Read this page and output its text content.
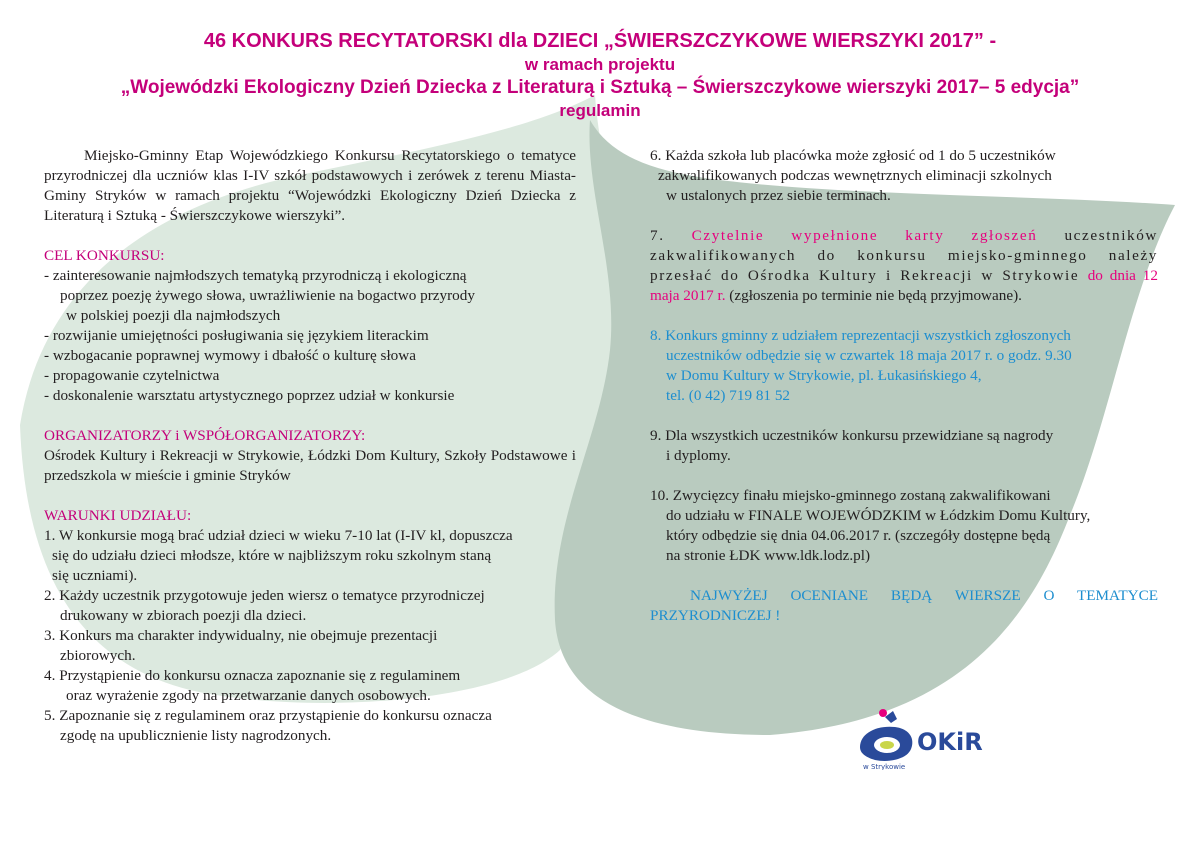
46 KONKURS RECYTATORSKI dla DZIECI „ŚWIERSZCZYKOWE WIERSZYKI 2017” -
w ramach projektu
„Wojewódzki Ekologiczny Dzień Dziecka z Literaturą i Sztuką – Świerszczykowe wierszyki 2017– 5 edycja”
regulamin

Miejsko-Gminny Etap Wojewódzkiego Konkursu Recytatorskiego o tematyce przyrodniczej dla uczniów klas I-IV szkół podstawowych i zerówek z terenu Miasta-Gminy Stryków w ramach projektu “Wojewódzki Ekologiczny Dzień Dziecka z Literaturą i Sztuką - Świerszczykowe wierszyki”.

CEL KONKURSU:

- zainteresowanie najmłodszych tematyką przyrodniczą i ekologiczną

poprzez poezję żywego słowa, uwrażliwienie na bogactwo przyrody

w polskiej poezji dla najmłodszych

- rozwijanie umiejętności posługiwania się językiem literackim

- wzbogacanie poprawnej wymowy i dbałość o kulturę słowa

- propagowanie czytelnictwa

- doskonalenie warsztatu artystycznego poprzez udział w konkursie

ORGANIZATORZY i WSPÓŁORGANIZATORZY:

Ośrodek Kultury i Rekreacji w Strykowie, Łódzki Dom Kultury, Szkoły Podstawowe i przedszkola w mieście i gminie Stryków

WARUNKI UDZIAŁU:

1. W konkursie mogą brać udział dzieci w wieku 7-10 lat (I-IV kl, dopuszcza

się do udziału dzieci młodsze, które w najbliższym roku szkolnym staną

się uczniami).

2. Każdy uczestnik przygotowuje jeden wiersz o tematyce przyrodniczej

drukowany w zbiorach poezji dla dzieci.

3. Konkurs ma charakter indywidualny, nie obejmuje prezentacji

zbiorowych.

4. Przystąpienie do konkursu oznacza zapoznanie się z regulaminem

oraz wyrażenie zgody na przetwarzanie danych osobowych.

5. Zapoznanie się z regulaminem oraz przystąpienie do konkursu oznacza

zgodę na upublicznienie listy nagrodzonych.

6. Każda szkoła lub placówka może zgłosić od 1 do 5 uczestników

zakwalifikowanych podczas wewnętrznych eliminacji szkolnych

w ustalonych przez siebie terminach.

7. Czytelnie wypełnione karty zgłoszeń uczestników zakwalifikowanych do konkursu miejsko-gminnego należy przesłać do Ośrodka Kultury i Rekreacji w Strykowie do dnia 12 maja 2017 r. (zgłoszenia po terminie nie będą przyjmowane).

8. Konkurs gminny z udziałem reprezentacji wszystkich zgłoszonych

uczestników odbędzie się w czwartek 18 maja 2017 r. o godz. 9.30

w Domu Kultury w Strykowie, pl. Łukasińskiego 4,

tel. (0 42) 719 81 52

9. Dla wszystkich uczestników konkursu przewidziane są nagrody

i dyplomy.

10. Zwycięzcy finału miejsko-gminnego zostaną zakwalifikowani

do udziału w FINALE WOJEWÓDZKIM w Łódzkim Domu Kultury,

który odbędzie się dnia 04.06.2017 r. (szczegóły dostępne będą

na stronie ŁDK www.ldk.lodz.pl)

NAJWYŻEJ OCENIANE BĘDĄ WIERSZE O TEMATYCE PRZYRODNICZEJ !

OKiR
w Strykowie
